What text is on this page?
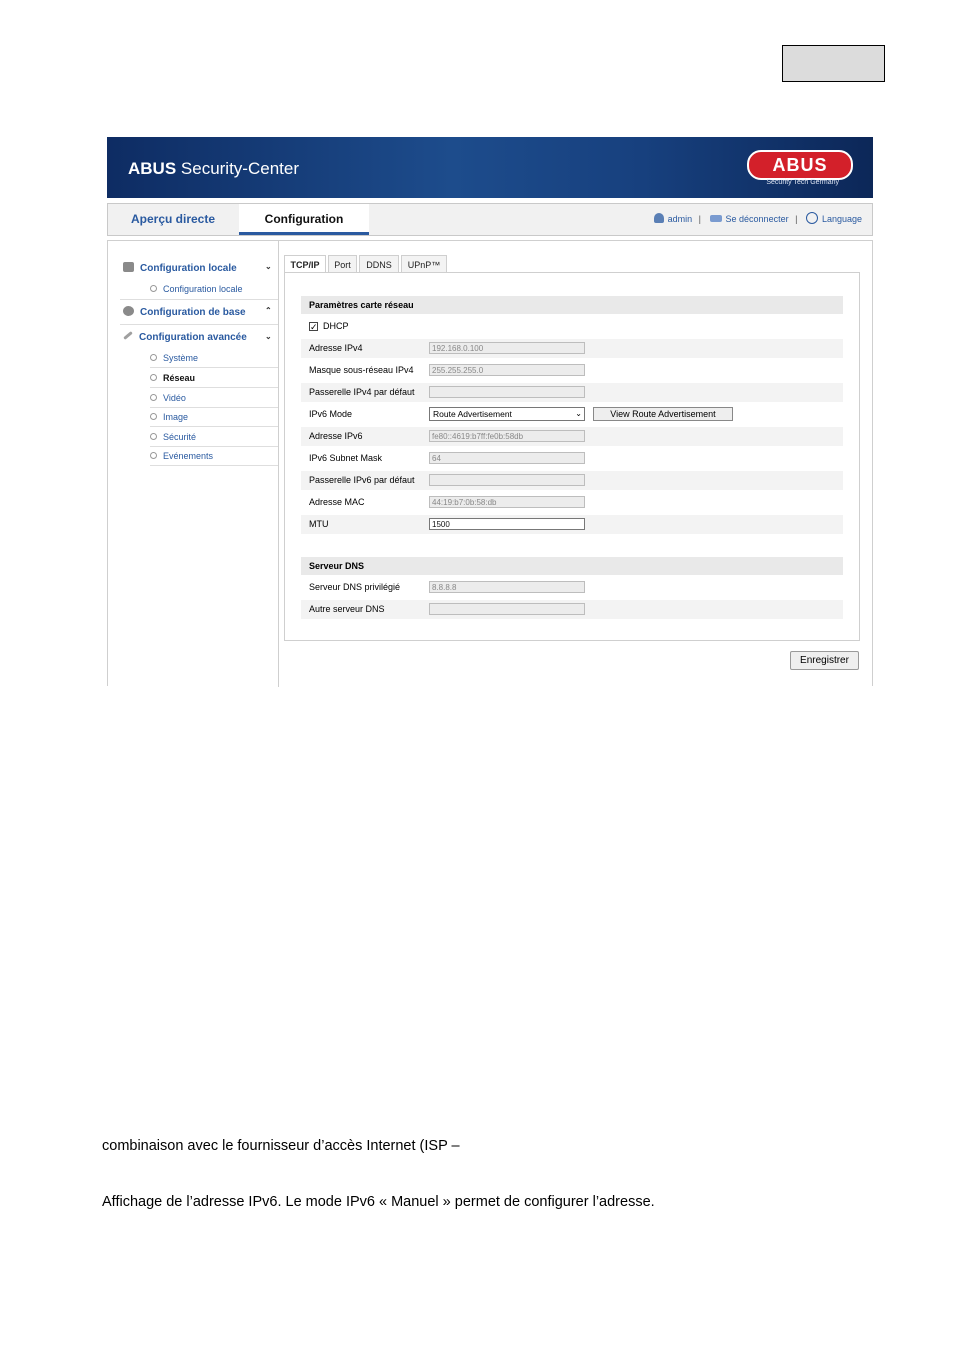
ABUS Security-Center	ABUS
Security Tech Germany
Aperçu directe	Configuration	admin |	Se déconnecter |	Language
Configuration locale	⌄
Configuration locale
Configuration de base ⌃
Configuration avancée ⌄
Système
Réseau
Vidéo
Image
Sécurité
Evénements
TCP/IP	Port	DDNS	UPnP™
Paramètres carte réseau
✓ DHCP
Adresse IPv4	192.168.0.100
Masque sous-réseau IPv4	255.255.255.0
Passerelle IPv4 par défaut
IPv6 Mode	Route Advertisement	⌄	View Route Advertisement
Adresse IPv6	fe80::4619:b7ff:fe0b:58db
IPv6 Subnet Mask	64
Passerelle IPv6 par défaut
Adresse MAC	44:19:b7:0b:58:db
MTU	1500
Serveur DNS
Serveur DNS privilégié	8.8.8.8
Autre serveur DNS
Enregistrer
combinaison avec le fournisseur d’accès Internet (ISP –
Affichage de l’adresse IPv6. Le mode IPv6 « Manuel » permet de configurer l’adresse.
